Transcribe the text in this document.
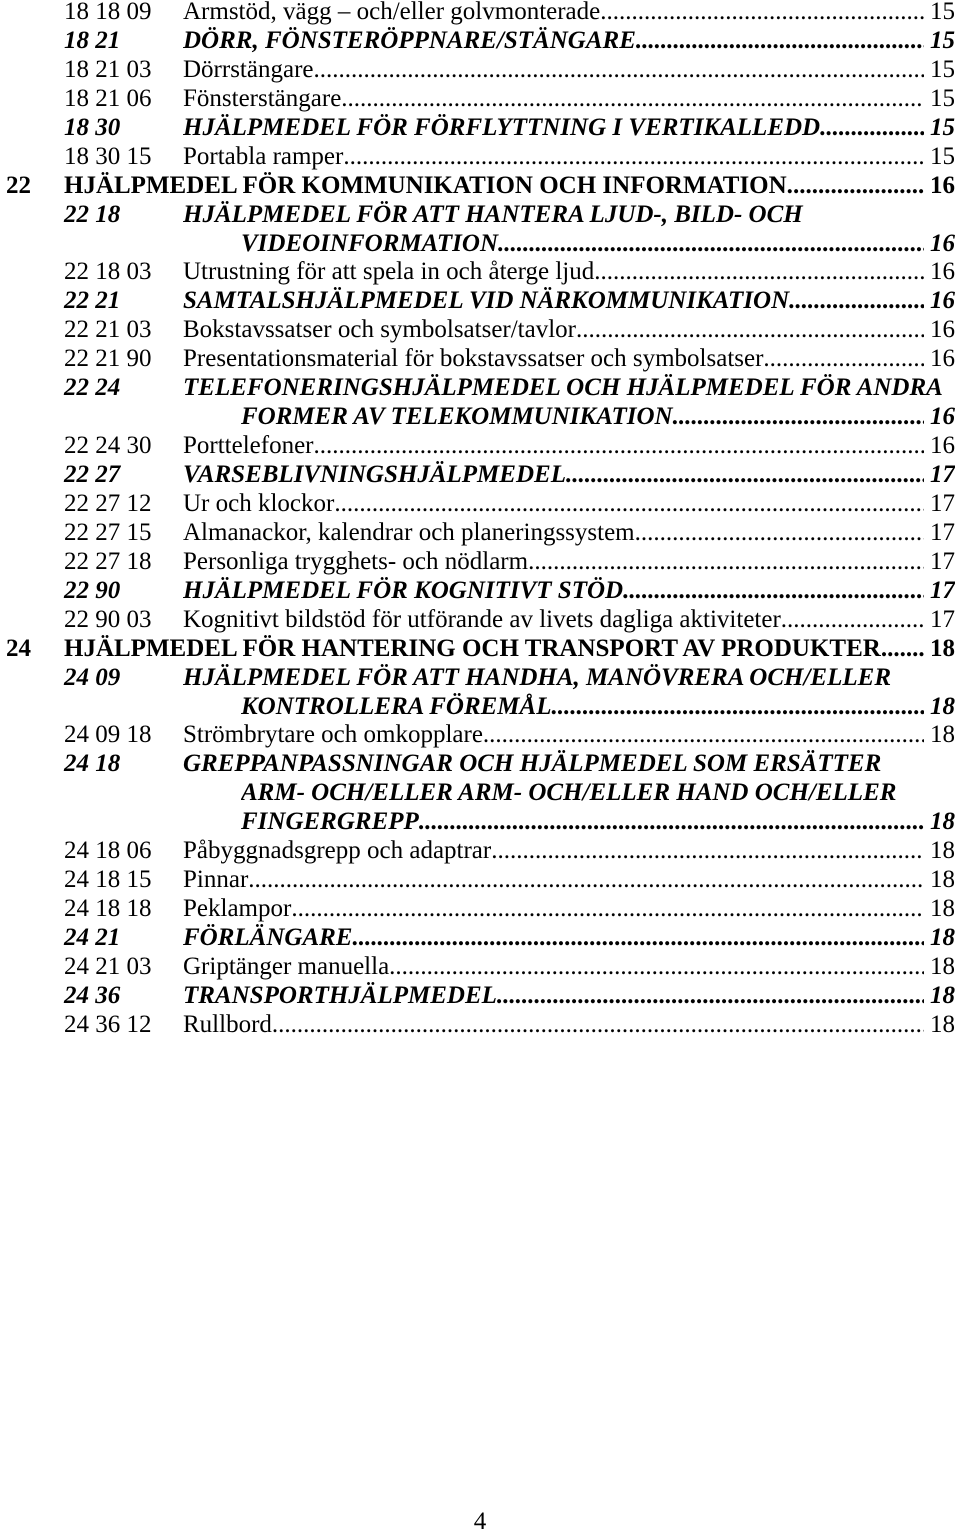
18 18 09 Armstöd, vägg – och/eller golvmonterade .....	15
18 21	DÖRR, FÖNSTERÖPPNARE/STÄNGARE .....	15
18 21 03 Dörrstängare .....	15
18 21 06 Fönsterstängare .....	15
18 30	HJÄLPMEDEL FÖR FÖRFLYTTNING I VERTIKALLEDD .....	15
18 30 15 Portabla ramper .....	15
22 HJÄLPMEDEL FÖR KOMMUNIKATION OCH INFORMATION. .....	16
22 18	HJÄLPMEDEL FÖR ATT HANTERA LJUD-, BILD- OCH
VIDEOINFORMATION .....	16
22 18 03 Utrustning för att spela in och återge ljud .....	16
22 21	SAMTALSHJÄLPMEDEL VID NÄRKOMMUNIKATION .....	16
22 21 03 Bokstavssatser och symbolsatser/tavlor .....	16
22 21 90 Presentationsmaterial för bokstavssatser och symbolsatser .....	16
22 24	TELEFONERINGSHJÄLPMEDEL OCH HJÄLPMEDEL FÖR ANDRA
FORMER AV TELEKOMMUNIKATION. .....	16
22 24 30 Porttelefoner .....	16
22 27	VARSEBLIVNINGSHJÄLPMEDEL .....	17
22 27 12 Ur och klockor .....	17
22 27 15 Almanackor, kalendrar och planeringssystem .....	17
22 27 18 Personliga trygghets- och nödlarm .....	17
22 90	HJÄLPMEDEL FÖR KOGNITIVT STÖD .....	17
22 90 03 Kognitivt bildstöd för utförande av livets dagliga aktiviteter .....	17
24 HJÄLPMEDEL FÖR HANTERING OCH TRANSPORT AV PRODUKTER ..... 18
24 09	HJÄLPMEDEL FÖR ATT HANDHA, MANÖVRERA OCH/ELLER
KONTROLLERA FÖREMÅL .....	18
24 09 18 Strömbrytare och omkopplare .....	18
24 18	GREPPANPASSNINGAR OCH HJÄLPMEDEL SOM ERSÄTTER
ARM- OCH/ELLER ARM- OCH/ELLER HAND OCH/ELLER
FINGERGREPP .....	18
24 18 06 Påbyggnadsgrepp och adaptrar .....	18
24 18 15 Pinnar .....	18
24 18 18 Peklampor .....	18
24 21	FÖRLÄNGARE .....	18
24 21 03 Griptänger manuella .....	18
24 36	TRANSPORTHJÄLPMEDEL .....	18
24 36 12 Rullbord .....	18
4
